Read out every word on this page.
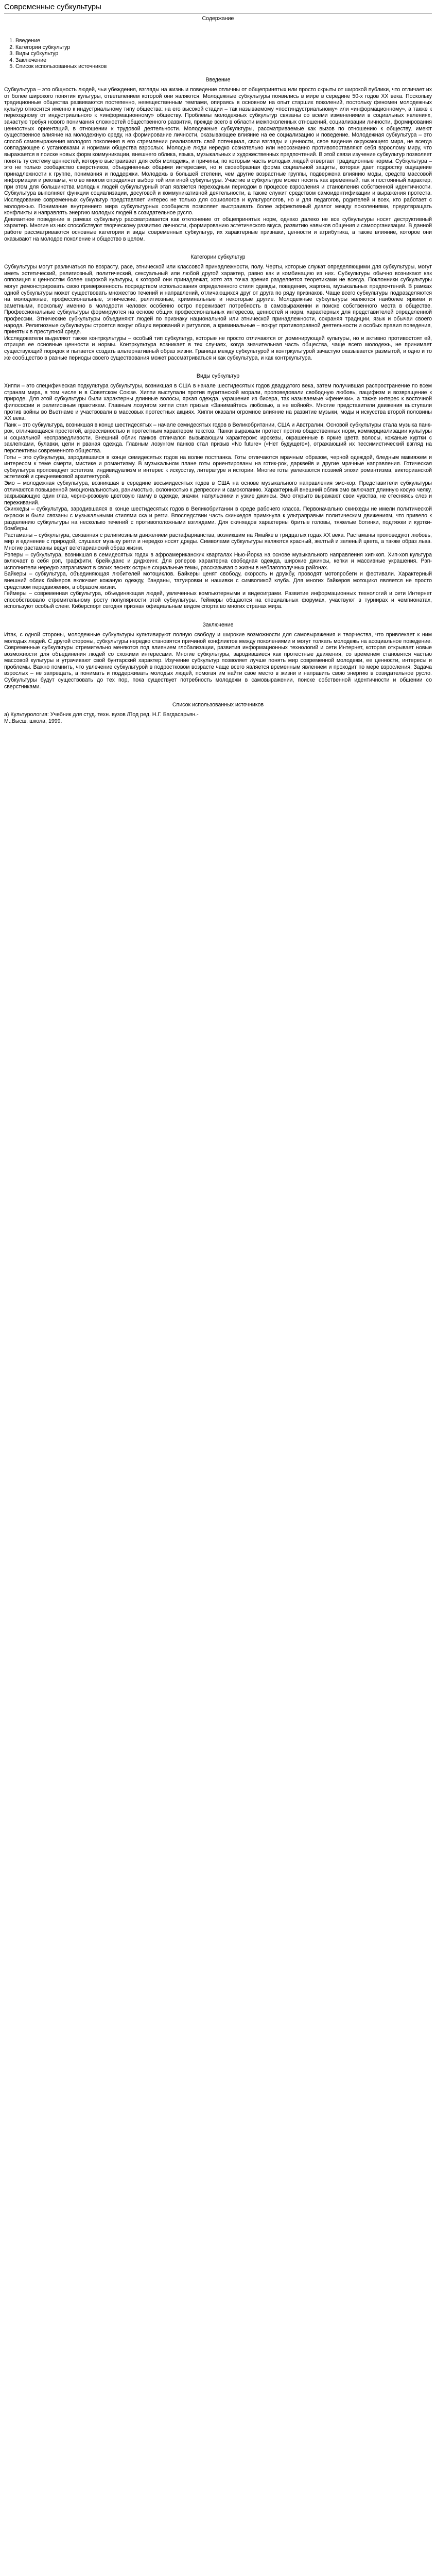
Современные субкультуры
Содержание
1. Введение
2. Категории субкультур
3. Виды субкультур
4. Заключение
5. Список использованных источников
Введение

Субкультура – это общность людей, чьи убеждения, взгляды на жизнь и поведение отличны от общепринятых или просто скрыты от широкой публики, что отличает их от более широкого понятия культуры, ответвлением которой они являются. Молодежные субкультуры появились в мире в середине 50-х годов XX века. Поскольку традиционные общества развиваются постепенно, невещественным темпами, опираясь в основном на опыт старших поколений, постольку феномен молодежных культур относится именно к индустриальному типу общества: на его высокой стадии – так называемому «постиндустриальному» или «информационному», а также к переходному от индустриального к «информационному» обществу. Проблемы молодежных субкультур связаны со всеми изменениями в социальных явлениях, зачастую требуя нового понимания сложностей общественного развития, прежде всего в области межпоколенных отношений, социализации личности, формирования ценностных ориентаций, в отношении к трудовой деятельности. Молодежные субкультуры, рассматриваемые как вызов по отношению к обществу, имеют существенное влияние на молодежную среду, на формирование личности, оказывающее влияние на ее социализацию и поведение. Молодежная субкультура – это способ самовыражения молодого поколения в его стремлении реализовать свой потенциал, свои взгляды и ценности, свое видение окружающего мира, не всегда совпадающее с установками и нормами общества взрослых. Молодые люди нередко сознательно или неосознанно противопоставляют себя взрослому миру, что выражается в поиске новых форм коммуникации, внешнего облика, языка, музыкальных и художественных предпочтений. В этой связи изучение субкультур позволяет понять ту систему ценностей, которую выстраивает для себя молодежь, и причины, по которым часть молодых людей отвергает традиционные нормы. Субкультура – это не только сообщество сверстников, объединенных общими интересами, но и своеобразная форма социальной защиты, которая дает подростку ощущение принадлежности к группе, понимания и поддержки. Молодежь в большей степени, чем другие возрастные группы, подвержена влиянию моды, средств массовой информации и рекламы, что во многом определяет выбор той или иной субкультуры. Участие в субкультуре может носить как временный, так и постоянный характер, при этом для большинства молодых людей субкультурный этап является переходным периодом в процессе взросления и становления собственной идентичности. Субкультура выполняет функции социализации, досуговой и коммуникативной деятельности, а также служит средством самоидентификации и выражения протеста. Исследование современных субкультур представляет интерес не только для социологов и культурологов, но и для педагогов, родителей и всех, кто работает с молодежью. Понимание внутреннего мира субкультурных сообществ позволяет выстраивать более эффективный диалог между поколениями, предотвращать конфликты и направлять энергию молодых людей в созидательное русло.

Девиантное поведение в рамках субкультур рассматривается как отклонение от общепринятых норм, однако далеко не все субкультуры носят деструктивный характер. Многие из них способствуют творческому развитию личности, формированию эстетического вкуса, развитию навыков общения и самоорганизации. В данной работе рассматриваются основные категории и виды современных субкультур, их характерные признаки, ценности и атрибутика, а также влияние, которое они оказывают на молодое поколение и общество в целом.

Категории субкультур

Субкультуры могут различаться по возрасту, расе, этнической или классовой принадлежности, полу. Черты, которые служат определяющими для субкультуры, могут иметь эстетический, религиозный, политический, сексуальный или любой другой характер, равно как и комбинацию из них. Субкультуры обычно возникают как оппозиция к ценностям более широкой культуры, к которой они принадлежат, хотя эта точка зрения разделяется теоретиками не всегда. Поклонники субкультуры могут демонстрировать свою приверженность посредством использования определенного стиля одежды, поведения, жаргона, музыкальных предпочтений. В рамках одной субкультуры может существовать множество течений и направлений, отличающихся друг от друга по ряду признаков. Чаще всего субкультуры подразделяются на молодежные, профессиональные, этнические, религиозные, криминальные и некоторые другие. Молодежные субкультуры являются наиболее яркими и заметными, поскольку именно в молодости человек особенно остро переживает потребность в самовыражении и поиске собственного места в обществе. Профессиональные субкультуры формируются на основе общих профессиональных интересов, ценностей и норм, характерных для представителей определенной профессии. Этнические субкультуры объединяют людей по признаку национальной или этнической принадлежности, сохраняя традиции, язык и обычаи своего народа. Религиозные субкультуры строятся вокруг общих верований и ритуалов, а криминальные – вокруг противоправной деятельности и особых правил поведения, принятых в преступной среде.

Исследователи выделяют также контркультуры – особый тип субкультур, которые не просто отличаются от доминирующей культуры, но и активно противостоят ей, отрицая ее основные ценности и нормы. Контркультура возникает в тех случаях, когда значительная часть общества, чаще всего молодежь, не принимает существующий порядок и пытается создать альтернативный образ жизни. Граница между субкультурой и контркультурой зачастую оказывается размытой, и одно и то же сообщество в разные периоды своего существования может рассматриваться и как субкультура, и как контркультура.

Виды субкультур

Хиппи – это специфическая подкультура субкультуры, возникшая в США в начале шестидесятых годов двадцатого века, затем получившая распространение по всем странам мира, в том числе и в Советском Союзе. Хиппи выступали против пуританской морали, проповедовали свободную любовь, пацифизм и возвращение к природе. Для этой субкультуры были характерны длинные волосы, яркая одежда, украшения из бисера, так называемые «фенечки», а также интерес к восточной философии и религиозным практикам. Главным лозунгом хиппи стал призыв «Занимайтесь любовью, а не войной». Многие представители движения выступали против войны во Вьетнаме и участвовали в массовых протестных акциях. Хиппи оказали огромное влияние на развитие музыки, моды и искусства второй половины XX века.

Панк – это субкультура, возникшая в конце шестидесятых – начале семидесятых годов в Великобритании, США и Австралии. Основой субкультуры стала музыка панк-рок, отличающаяся простотой, агрессивностью и протестным характером текстов. Панки выражали протест против общественных норм, коммерциализации культуры и социальной несправедливости. Внешний облик панков отличался вызывающим характером: ирокезы, окрашенные в яркие цвета волосы, кожаные куртки с заклепками, булавки, цепи и рваная одежда. Главным лозунгом панков стал призыв «No future» («Нет будущего»), отражающий их пессимистический взгляд на перспективы современного общества.

Готы – это субкультура, зародившаяся в конце семидесятых годов на волне постпанка. Готы отличаются мрачным образом, черной одеждой, бледным макияжем и интересом к теме смерти, мистике и романтизму. В музыкальном плане готы ориентированы на готик-рок, дарквейв и другие мрачные направления. Готическая субкультура проповедует эстетизм, индивидуализм и интерес к искусству, литературе и истории. Многие готы увлекаются поэзией эпохи романтизма, викторианской эстетикой и средневековой архитектурой.

Эмо – молодежная субкультура, возникшая в середине восьмидесятых годов в США на основе музыкального направления эмо-кор. Представители субкультуры отличаются повышенной эмоциональностью, ранимостью, склонностью к депрессии и самокопанию. Характерный внешний облик эмо включает длинную косую челку, закрывающую один глаз, черно-розовую цветовую гамму в одежде, значки, напульсники и узкие джинсы. Эмо открыто выражают свои чувства, не стесняясь слез и переживаний.

Скинхеды – субкультура, зародившаяся в конце шестидесятых годов в Великобритании в среде рабочего класса. Первоначально скинхеды не имели политической окраски и были связаны с музыкальными стилями ска и регги. Впоследствии часть скинхедов примкнула к ультраправым политическим движениям, что привело к разделению субкультуры на несколько течений с противоположными взглядами. Для скинхедов характерны бритые головы, тяжелые ботинки, подтяжки и куртки-бомберы.

Растаманы – субкультура, связанная с религиозным движением растафарианства, возникшим на Ямайке в тридцатых годах XX века. Растаманы проповедуют любовь, мир и единение с природой, слушают музыку регги и нередко носят дреды. Символами субкультуры являются красный, желтый и зеленый цвета, а также образ льва. Многие растаманы ведут вегетарианский образ жизни.

Рэперы – субкультура, возникшая в семидесятых годах в афроамериканских кварталах Нью-Йорка на основе музыкального направления хип-хоп. Хип-хоп культура включает в себя рэп, граффити, брейк-данс и диджеинг. Для рэперов характерна свободная одежда, широкие джинсы, кепки и массивные украшения. Рэп-исполнители нередко затрагивают в своих песнях острые социальные темы, рассказывая о жизни в неблагополучных районах.

Байкеры – субкультура, объединяющая любителей мотоциклов. Байкеры ценят свободу, скорость и дружбу, проводят мотопробеги и фестивали. Характерный внешний облик байкеров включает кожаную одежду, банданы, татуировки и нашивки с символикой клуба. Для многих байкеров мотоцикл является не просто средством передвижения, а образом жизни.

Геймеры – современная субкультура, объединяющая людей, увлеченных компьютерными и видеоиграми. Развитие информационных технологий и сети Интернет способствовало стремительному росту популярности этой субкультуры. Геймеры общаются на специальных форумах, участвуют в турнирах и чемпионатах, используют особый сленг. Киберспорт сегодня признан официальным видом спорта во многих странах мира.

Заключение

Итак, с одной стороны, молодежные субкультуры культивируют полную свободу и широкие возможности для самовыражения и творчества, что привлекает к ним молодых людей. С другой стороны, субкультуры нередко становятся причиной конфликтов между поколениями и могут толкать молодежь на асоциальное поведение. Современные субкультуры стремительно меняются под влиянием глобализации, развития информационных технологий и сети Интернет, которая открывает новые возможности для объединения людей со схожими интересами. Многие субкультуры, зародившиеся как протестные движения, со временем становятся частью массовой культуры и утрачивают свой бунтарский характер. Изучение субкультур позволяет лучше понять мир современной молодежи, ее ценности, интересы и проблемы. Важно помнить, что увлечение субкультурой в подростковом возрасте чаще всего является временным явлением и проходит по мере взросления. Задача взрослых – не запрещать, а понимать и поддерживать молодых людей, помогая им найти свое место в жизни и направить свою энергию в созидательное русло. Субкультуры будут существовать до тех пор, пока существует потребность молодежи в самовыражении, поиске собственной идентичности и общении со сверстниками.

Список использованных источников

а) Культурология: Учебник для студ. техн. вузов /Под ред. Н.Г. Багдасарьян.-

М.:Высш. школа, 1999.
